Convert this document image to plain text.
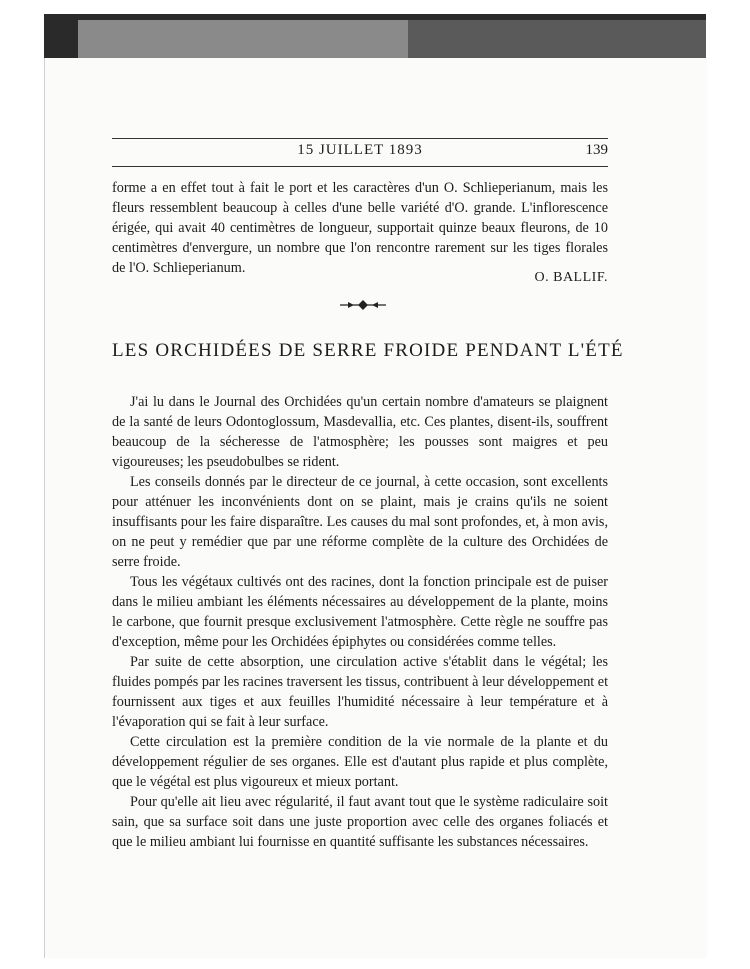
15 JUILLET 1893	139

forme a en effet tout à fait le port et les caractères d'un O. Schlieperianum, mais les fleurs ressemblent beaucoup à celles d'une belle variété d'O. grande. L'inflorescence érigée, qui avait 40 centimètres de longueur, supportait quinze beaux fleurons, de 10 centimètres d'envergure, un nombre que l'on rencontre rarement sur les tiges florales de l'O. Schlieperianum.

O. BALLIF.
LES ORCHIDÉES DE SERRE FROIDE PENDANT L'ÉTÉ

J'ai lu dans le Journal des Orchidées qu'un certain nombre d'amateurs se plaignent de la santé de leurs Odontoglossum, Masdevallia, etc. Ces plantes, disent-ils, souffrent beaucoup de la sécheresse de l'atmosphère; les pousses sont maigres et peu vigoureuses; les pseudobulbes se rident.

Les conseils donnés par le directeur de ce journal, à cette occasion, sont excellents pour atténuer les inconvénients dont on se plaint, mais je crains qu'ils ne soient insuffisants pour les faire disparaître. Les causes du mal sont profondes, et, à mon avis, on ne peut y remédier que par une réforme complète de la culture des Orchidées de serre froide.

Tous les végétaux cultivés ont des racines, dont la fonction principale est de puiser dans le milieu ambiant les éléments nécessaires au développement de la plante, moins le carbone, que fournit presque exclusivement l'atmosphère. Cette règle ne souffre pas d'exception, même pour les Orchidées épiphytes ou considérées comme telles.

Par suite de cette absorption, une circulation active s'établit dans le végétal; les fluides pompés par les racines traversent les tissus, contribuent à leur développement et fournissent aux tiges et aux feuilles l'humidité nécessaire à leur température et à l'évaporation qui se fait à leur surface.

Cette circulation est la première condition de la vie normale de la plante et du développement régulier de ses organes. Elle est d'autant plus rapide et plus complète, que le végétal est plus vigoureux et mieux portant.

Pour qu'elle ait lieu avec régularité, il faut avant tout que le système radiculaire soit sain, que sa surface soit dans une juste proportion avec celle des organes foliacés et que le milieu ambiant lui fournisse en quantité suffisante les substances nécessaires.
